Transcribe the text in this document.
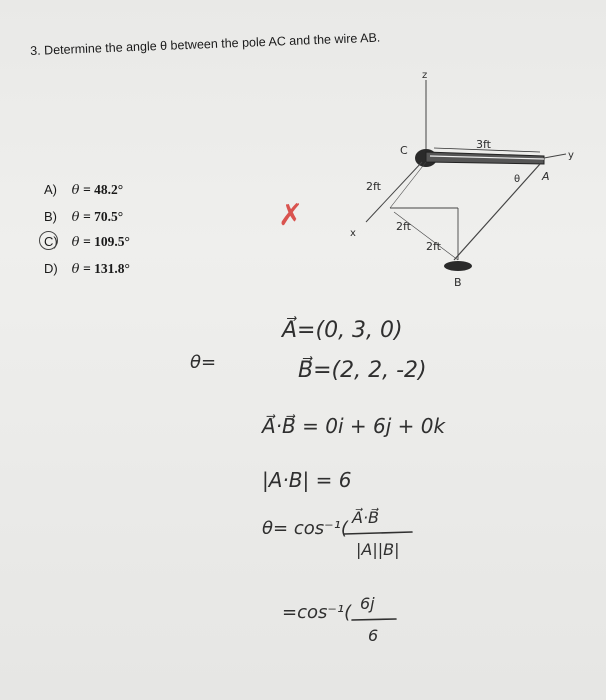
3. Determine the angle θ between the pole AC and the wire AB.
A) θ = 48.2°
B) θ = 70.5°
C) θ = 109.5°
D) θ = 131.8°
z
y
x
3ft
C
A
θ
2ft
2ft
2ft
B
✗
θ=
A⃗=(0, 3, 0)
B⃗=(2, 2, -2)
A⃗·B⃗ = 0i + 6j + 0k
|A·B| = 6
θ= cos⁻¹(
A⃗·B⃗
|A||B|
=cos⁻¹( 6j
6
